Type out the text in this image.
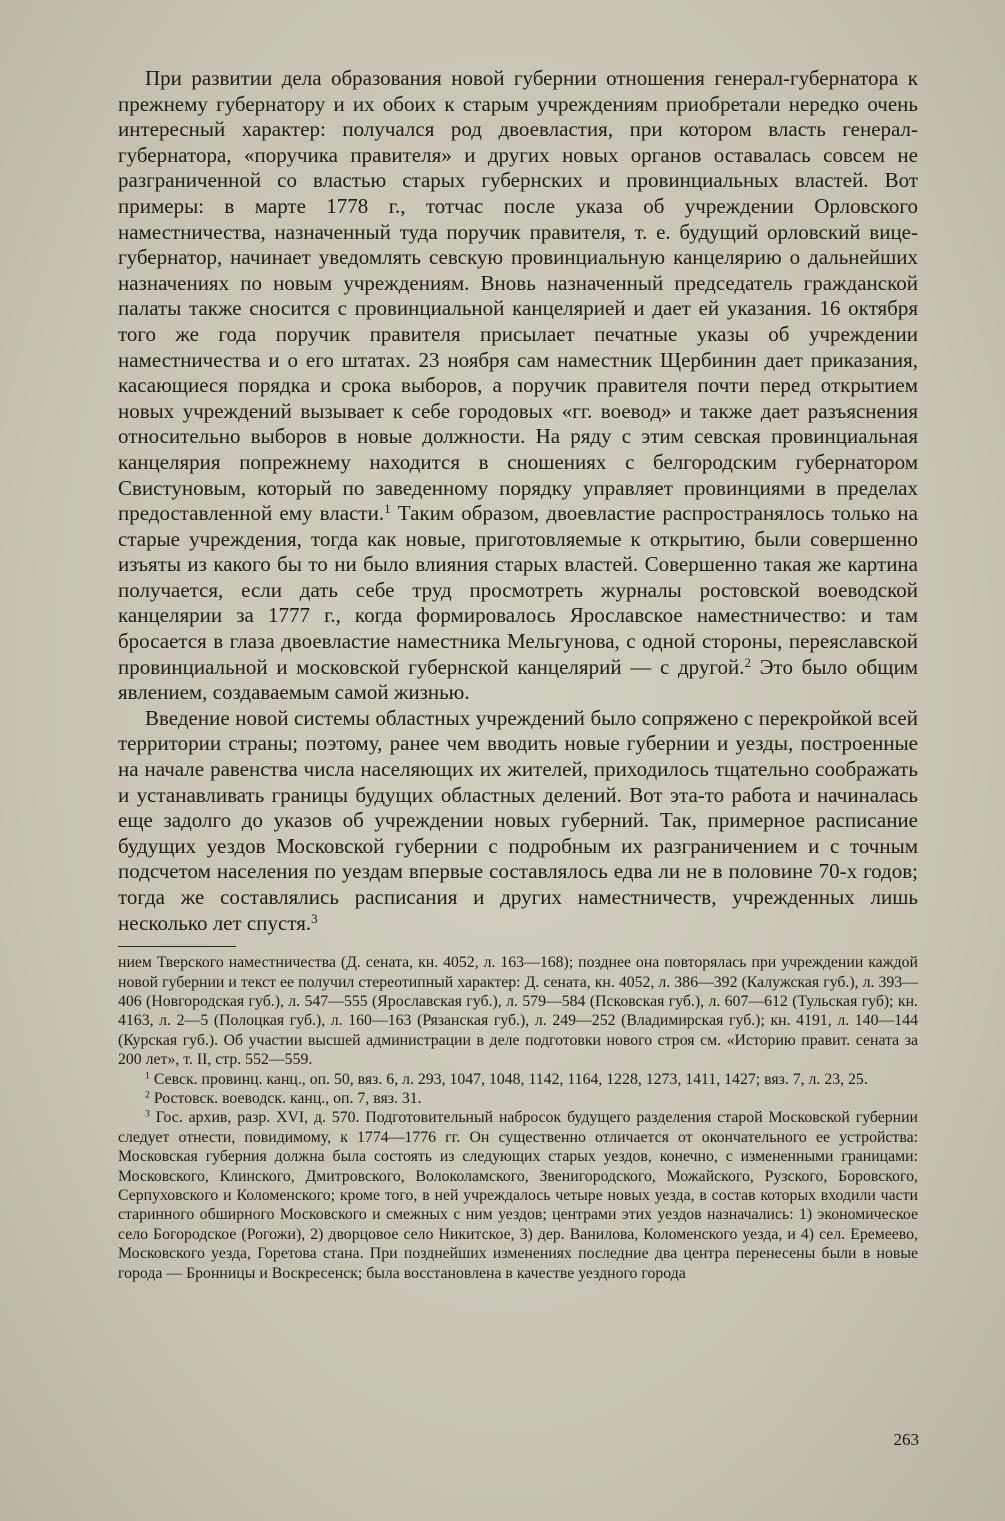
При развитии дела образования новой губернии отношения генерал-губернатора к прежнему губернатору и их обоих к старым учреждениям приобретали нередко очень интересный характер: получался род двоевластия, при котором власть генерал-губернатора, «поручика правителя» и других новых органов оставалась совсем не разграниченной со властью старых губернских и провинциальных властей. Вот примеры: в марте 1778 г., тотчас после указа об учреждении Орловского наместничества, назначенный туда поручик правителя, т. е. будущий орловский вице-губернатор, начинает уведомлять севскую провинциальную канцелярию о дальнейших назначениях по новым учреждениям. Вновь назначенный председатель гражданской палаты также сносится с провинциальной канцелярией и дает ей указания. 16 октября того же года поручик правителя присылает печатные указы об учреждении наместничества и о его штатах. 23 ноября сам наместник Щербинин дает приказания, касающиеся порядка и срока выборов, а поручик правителя почти перед открытием новых учреждений вызывает к себе городовых «гг. воевод» и также дает разъяснения относительно выборов в новые должности. На ряду с этим севская провинциальная канцелярия попрежнему находится в сношениях с белгородским губернатором Свистуновым, который по заведенному порядку управляет провинциями в пределах предоставленной ему власти.$^1$ Таким образом, двоевластие распространялось только на старые учреждения, тогда как новые, приготовляемые к открытию, были совершенно изъяты из какого бы то ни было влияния старых властей. Совершенно такая же картина получается, если дать себе труд просмотреть журналы ростовской воеводской канцелярии за 1777 г., когда формировалось Ярославское наместничество: и там бросается в глаза двоевластие наместника Мельгунова, с одной стороны, переяславской провинциальной и московской губернской канцелярий — с другой.$^2$ Это было общим явлением, создаваемым самой жизнью.

Введение новой системы областных учреждений было сопряжено с перекройкой всей территории страны; поэтому, ранее чем вводить новые губернии и уезды, построенные на начале равенства числа населяющих их жителей, приходилось тщательно соображать и устанавливать границы будущих областных делений. Вот эта-то работа и начиналась еще задолго до указов об учреждении новых губерний. Так, примерное расписание будущих уездов Московской губернии с подробным их разграничением и с точным подсчетом населения по уездам впервые составлялось едва ли не в половине 70-х годов; тогда же составлялись расписания и других наместничеств, учрежденных лишь несколько лет спустя.$^3$

нием Тверского наместничества (Д. сената, кн. 4052, л. 163—168); позднее она повторялась при учреждении каждой новой губернии и текст ее получил стереотипный характер: Д. сената, кн. 4052, л. 386—392 (Калужская губ.), л. 393—406 (Новгородская губ.), л. 547—555 (Ярославская губ.), л. 579—584 (Псковская губ.), л. 607—612 (Тульская губ); кн. 4163, л. 2—5 (Полоцкая губ.), л. 160—163 (Рязанская губ.), л. 249—252 (Владимирская губ.); кн. 4191, л. 140—144 (Курская губ.). Об участии высшей администрации в деле подготовки нового строя см. «Историю правит. сената за 200 лет», т. II, стр. 552—559.

$^1$ Севск. провинц. канц., оп. 50, вяз. 6, л. 293, 1047, 1048, 1142, 1164, 1228, 1273, 1411, 1427; вяз. 7, л. 23, 25.

$^2$ Ростовск. воеводск. канц., оп. 7, вяз. 31.

$^3$ Гос. архив, разр. XVI, д. 570. Подготовительный набросок будущего разделения старой Московской губернии следует отнести, повидимому, к 1774—1776 гг. Он существенно отличается от окончательного ее устройства: Московская губерния должна была состоять из следующих старых уездов, конечно, с измененными границами: Московского, Клинского, Дмитровского, Волоколамского, Звенигородского, Можайского, Рузского, Боровского, Серпуховского и Коломенского; кроме того, в ней учреждалось четыре новых уезда, в состав которых входили части старинного обширного Московского и смежных с ним уездов; центрами этих уездов назначались: 1) экономическое село Богородское (Рогожи), 2) дворцовое село Никитское, 3) дер. Ванилова, Коломенского уезда, и 4) сел. Еремеево, Московского уезда, Горетова стана. При позднейших изменениях последние два центра перенесены были в новые города — Бронницы и Воскресенск; была восстановлена в качестве уездного города

263
